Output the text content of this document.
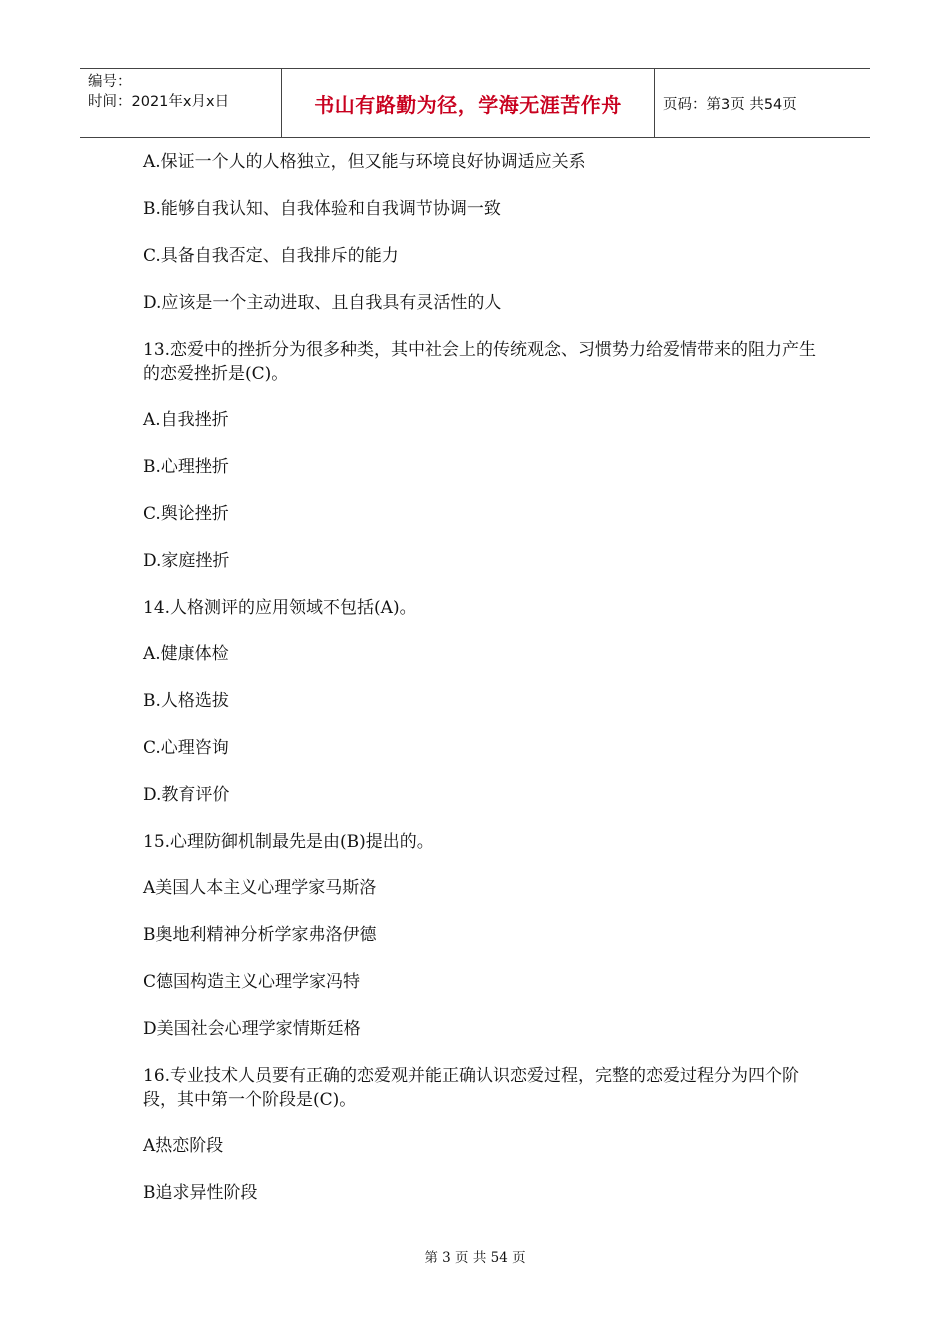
编号：
时间：2021年x月x日	书山有路勤为径，学海无涯苦作舟	页码：第3页 共54页
A.保证一个人的人格独立，但又能与环境良好协调适应关系
B.能够自我认知、自我体验和自我调节协调一致
C.具备自我否定、自我排斥的能力
D.应该是一个主动进取、且自我具有灵活性的人
13.恋爱中的挫折分为很多种类，其中社会上的传统观念、习惯势力给爱情带来的阻力产生的恋爱挫折是(C)。
A.自我挫折
B.心理挫折
C.舆论挫折
D.家庭挫折
14.人格测评的应用领域不包括(A)。
A.健康体检
B.人格选拔
C.心理咨询
D.教育评价
15.心理防御机制最先是由(B)提出的。
A美国人本主义心理学家马斯洛
B奥地利精神分析学家弗洛伊德
C德国构造主义心理学家冯特
D美国社会心理学家情斯廷格
16.专业技术人员要有正确的恋爱观并能正确认识恋爱过程，完整的恋爱过程分为四个阶段，其中第一个阶段是(C)。
A热恋阶段
B追求异性阶段
第 3 页 共 54 页
